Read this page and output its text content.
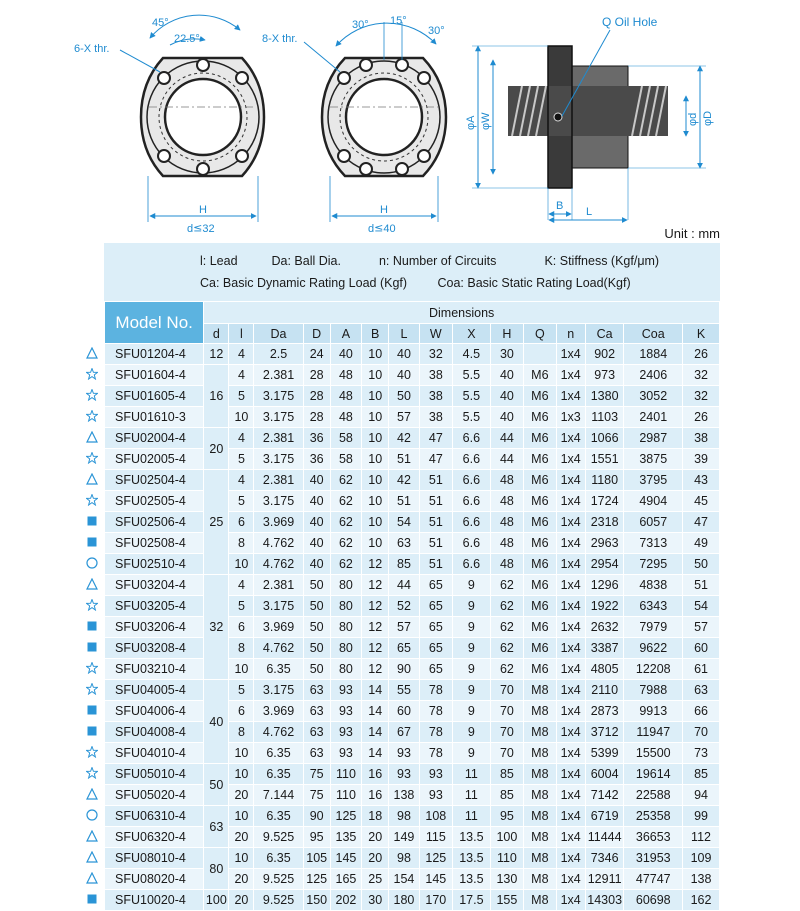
45°
22.5°
6-X thr.
H
d≦32
30° 15°
30°
8-X thr.
H
d≦40
Q Oil Hole
φA φW	φd φD
B L
Unit : mm
l: Lead	Da: Ball Dia.	n: Number of Circuits	K: Stiffness (Kgf/μm)
Ca: Basic Dynamic Rating Load (Kgf) Coa: Basic Static Rating Load(Kgf)
Model No.	Dimensions														
	d	l	Da	D	A	B	L	W	X	H	Q	n	Ca	Coa	K
SFU01204-4	12	4	2.5	24	40	10	40	32	4.5	30		1x4	902	1884	26
SFU01604-4	16	4	2.381	28	48	10	40	38	5.5	40	M6	1x4	973	2406	32
SFU01605-4		5	3.175	28	48	10	50	38	5.5	40	M6	1x4	1380	3052	32
SFU01610-3		10	3.175	28	48	10	57	38	5.5	40	M6	1x3	1103	2401	26
SFU02004-4	20	4	2.381	36	58	10	42	47	6.6	44	M6	1x4	1066	2987	38
SFU02005-4		5	3.175	36	58	10	51	47	6.6	44	M6	1x4	1551	3875	39
SFU02504-4	25	4	2.381	40	62	10	42	51	6.6	48	M6	1x4	1180	3795	43
SFU02505-4		5	3.175	40	62	10	51	51	6.6	48	M6	1x4	1724	4904	45
SFU02506-4		6	3.969	40	62	10	54	51	6.6	48	M6	1x4	2318	6057	47
SFU02508-4		8	4.762	40	62	10	63	51	6.6	48	M6	1x4	2963	7313	49
SFU02510-4		10	4.762	40	62	12	85	51	6.6	48	M6	1x4	2954	7295	50
SFU03204-4	32	4	2.381	50	80	12	44	65	9	62	M6	1x4	1296	4838	51
SFU03205-4		5	3.175	50	80	12	52	65	9	62	M6	1x4	1922	6343	54
SFU03206-4		6	3.969	50	80	12	57	65	9	62	M6	1x4	2632	7979	57
SFU03208-4		8	4.762	50	80	12	65	65	9	62	M6	1x4	3387	9622	60
SFU03210-4		10	6.35	50	80	12	90	65	9	62	M6	1x4	4805	12208	61
SFU04005-4	40	5	3.175	63	93	14	55	78	9	70	M8	1x4	2110	7988	63
SFU04006-4		6	3.969	63	93	14	60	78	9	70	M8	1x4	2873	9913	66
SFU04008-4		8	4.762	63	93	14	67	78	9	70	M8	1x4	3712	11947	70
SFU04010-4		10	6.35	63	93	14	93	78	9	70	M8	1x4	5399	15500	73
SFU05010-4	50	10	6.35	75	110	16	93	93	11	85	M8	1x4	6004	19614	85
SFU05020-4		20	7.144	75	110	16	138	93	11	85	M8	1x4	7142	22588	94
SFU06310-4	63	10	6.35	90	125	18	98	108	11	95	M8	1x4	6719	25358	99
SFU06320-4		20	9.525	95	135	20	149	115	13.5	100	M8	1x4	11444	36653	112
SFU08010-4	80	10	6.35	105	145	20	98	125	13.5	110	M8	1x4	7346	31953	109
SFU08020-4		20	9.525	125	165	25	154	145	13.5	130	M8	1x4	12911	47747	138
SFU10020-4	100	20	9.525	150	202	30	180	170	17.5	155	M8	1x4	14303	60698	162
